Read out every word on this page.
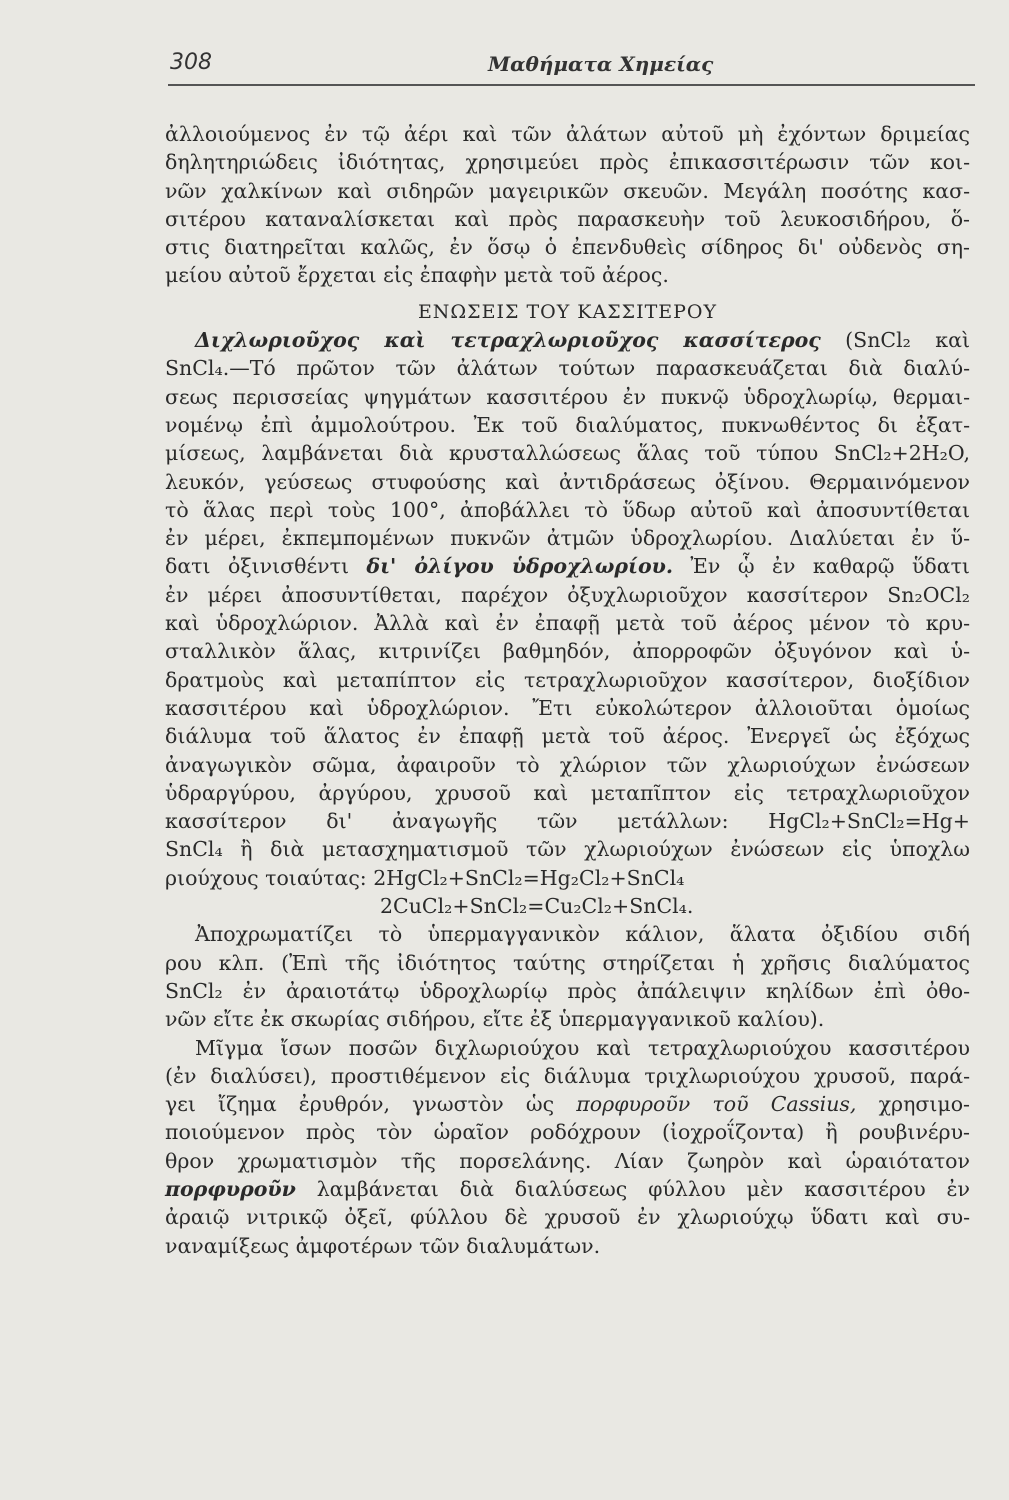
308	Μαθήματα Χημείας
ἀλλοιούμενος ἐν τῷ ἀέρι καὶ τῶν ἀλάτων αὐτοῦ μὴ ἐχόντων δριμείας
δηλητηριώδεις ἰδιότητας, χρησιμεύει πρὸς ἐπικασσιτέρωσιν τῶν κοι-
νῶν χαλκίνων καὶ σιδηρῶν μαγειρικῶν σκευῶν. Μεγάλη ποσότης κασ-
σιτέρου καταναλίσκεται καὶ πρὸς παρασκευὴν τοῦ λευκοσιδήρου, ὅ-
στις διατηρεῖται καλῶς, ἐν ὅσῳ ὁ ἐπενδυθεὶς σίδηρος δι' οὐδενὸς ση-
μείου αὐτοῦ ἔρχεται εἰς ἐπαφὴν μετὰ τοῦ ἀέρος.
ΕΝΩΣΕΙΣ ΤΟΥ ΚΑΣΣΙΤΕΡΟΥ
Διχλωριοῦχος καὶ τετραχλωριοῦχος κασσίτερος (SnCl₂ καὶ
SnCl₄.—Τό πρῶτον τῶν ἀλάτων τούτων παρασκευάζεται διὰ διαλύ-
σεως περισσείας ψηγμάτων κασσιτέρου ἐν πυκνῷ ὑδροχλωρίῳ, θερμαι-
νομένῳ ἐπὶ ἀμμολούτρου. Ἐκ τοῦ διαλύματος, πυκνωθέντος δι ἐξατ-
μίσεως, λαμβάνεται διὰ κρυσταλλώσεως ἅλας τοῦ τύπου SnCl₂+2H₂O,
λευκόν, γεύσεως στυφούσης καὶ ἀντιδράσεως ὀξίνου. Θερμαινόμενον
τὸ ἅλας περὶ τοὺς 100°, ἀποβάλλει τὸ ὕδωρ αὐτοῦ καὶ ἀποσυντίθεται
ἐν μέρει, ἐκπεμπομένων πυκνῶν ἀτμῶν ὑδροχλωρίου. Διαλύεται ἐν ὕ-
δατι ὀξινισθέντι δι' ὀλίγου ὑδροχλωρίου. Ἐν ᾧ ἐν καθαρῷ ὕδατι
ἐν μέρει ἀποσυντίθεται, παρέχον ὀξυχλωριοῦχον κασσίτερον Sn₂OCl₂
καὶ ὑδροχλώριον. Ἀλλὰ καὶ ἐν ἐπαφῇ μετὰ τοῦ ἀέρος μένον τὸ κρυ-
σταλλικὸν ἅλας, κιτρινίζει βαθμηδόν, ἀπορροφῶν ὀξυγόνον καὶ ὑ-
δρατμοὺς καὶ μεταπίπτον εἰς τετραχλωριοῦχον κασσίτερον, διοξίδιον
κασσιτέρου καὶ ὑδροχλώριον. Ἔτι εὐκολώτερον ἀλλοιοῦται ὁμοίως
διάλυμα τοῦ ἅλατος ἐν ἐπαφῇ μετὰ τοῦ ἀέρος. Ἐνεργεῖ ὡς ἐξόχως
ἀναγωγικὸν σῶμα, ἀφαιροῦν τὸ χλώριον τῶν χλωριούχων ἐνώσεων
ὑδραργύρου, ἀργύρου, χρυσοῦ καὶ μεταπῖπτον εἰς τετραχλωριοῦχον
κασσίτερον δι' ἀναγωγῆς τῶν μετάλλων: HgCl₂+SnCl₂=Hg+
SnCl₄ ἢ διὰ μετασχηματισμοῦ τῶν χλωριούχων ἐνώσεων εἰς ὑποχλω
ριούχους τοιαύτας: 2HgCl₂+SnCl₂=Hg₂Cl₂+SnCl₄
2CuCl₂+SnCl₂=Cu₂Cl₂+SnCl₄.
Ἀποχρωματίζει τὸ ὑπερμαγγανικὸν κάλιον, ἅλατα ὀξιδίου σιδή
ρου κλπ. (Ἐπὶ τῆς ἰδιότητος ταύτης στηρίζεται ἡ χρῆσις διαλύματος
SnCl₂ ἐν ἀραιοτάτῳ ὑδροχλωρίῳ πρὸς ἀπάλειψιν κηλίδων ἐπὶ ὀθο-
νῶν εἴτε ἐκ σκωρίας σιδήρου, εἴτε ἐξ ὑπερμαγγανικοῦ καλίου).
Μῖγμα ἴσων ποσῶν διχλωριούχου καὶ τετραχλωριούχου κασσιτέρου
(ἐν διαλύσει), προστιθέμενον εἰς διάλυμα τριχλωριούχου χρυσοῦ, παρά-
γει ἴζημα ἐρυθρόν, γνωστὸν ὡς πορφυροῦν τοῦ Cassius, χρησιμο-
ποιούμενον πρὸς τὸν ὡραῖον ροδόχρουν (ἰοχροΐζοντα) ἢ ρουβινέρυ-
θρον χρωματισμὸν τῆς πορσελάνης. Λίαν ζωηρὸν καὶ ὡραιότατον
πορφυροῦν λαμβάνεται διὰ διαλύσεως φύλλου μὲν κασσιτέρου ἐν
ἀραιῷ νιτρικῷ ὀξεῖ, φύλλου δὲ χρυσοῦ ἐν χλωριούχῳ ὕδατι καὶ συ-
ναναμίξεως ἀμφοτέρων τῶν διαλυμάτων.
